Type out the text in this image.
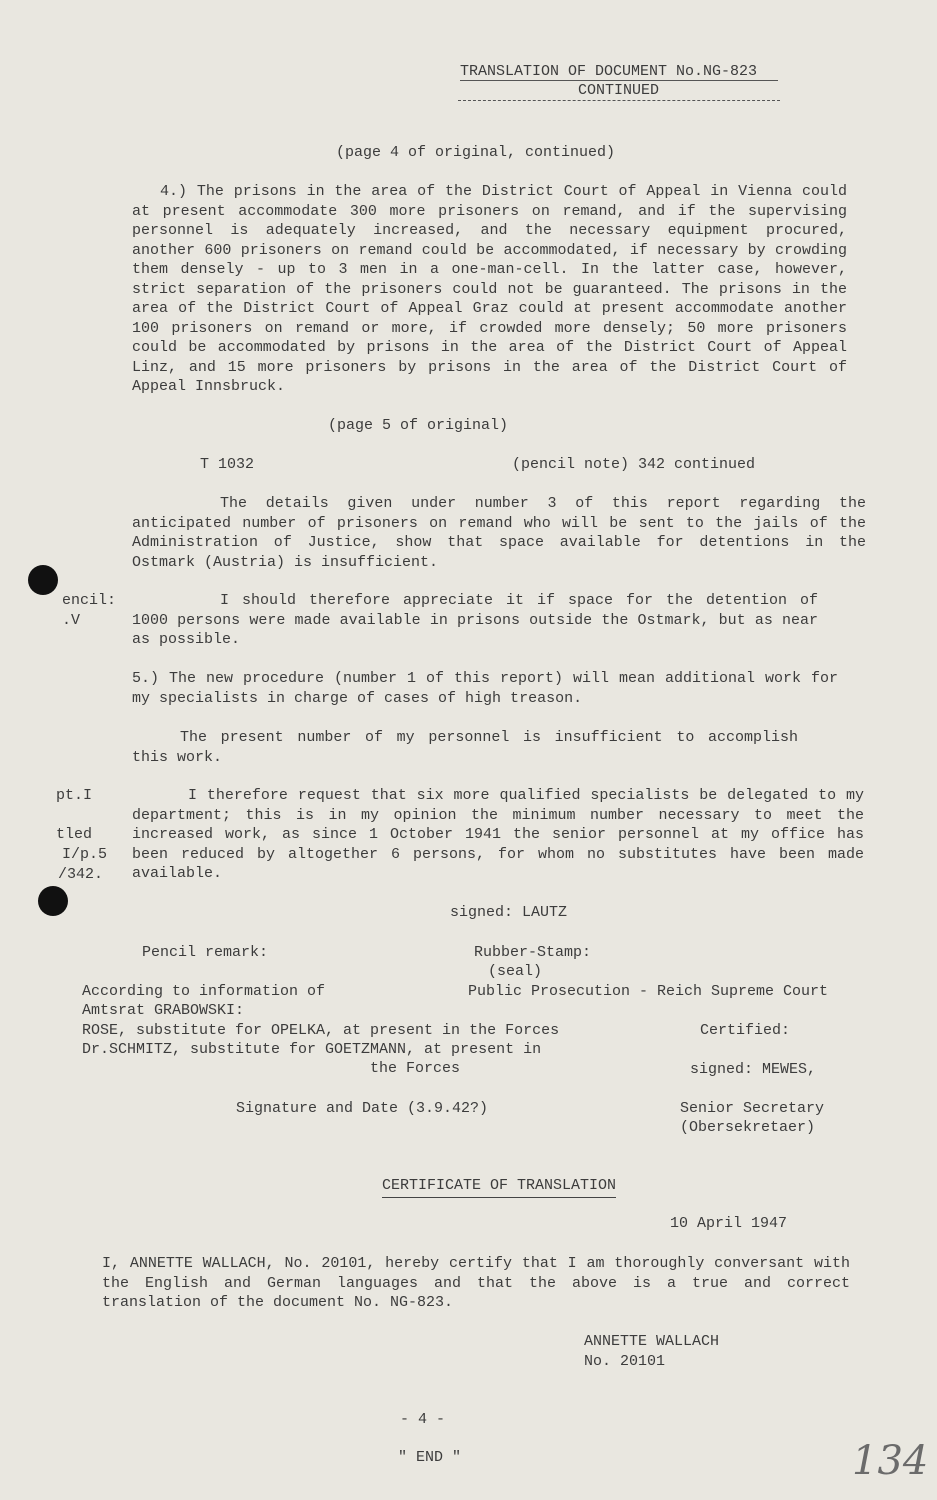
TRANSLATION OF DOCUMENT No.NG-823
CONTINUED
(page 4 of original, continued)

4.) The prisons in the area of the District Court of Appeal in Vienna could at present accommodate 300 more prisoners on remand, and if the supervising personnel is adequately increased, and the necessary equipment procured, another 600 prisoners on remand could be accommodated, if necessary by crowding them densely - up to 3 men in a one-man-cell. In the latter case, however, strict separation of the prisoners could not be guaranteed. The prisons in the area of the District Court of Appeal Graz could at present accommodate another 100 prisoners on remand or more, if crowded more densely; 50 more prisoners could be accommodated by prisons in the area of the District Court of Appeal Linz, and 15 more prisoners by prisons in the area of the District Court of Appeal Innsbruck.

(page 5 of original)
T 1032	(pencil note) 342 continued

The details given under number 3 of this report regarding the anticipated number of prisoners on remand who will be sent to the jails of the Administration of Justice, show that space available for detentions in the Ostmark (Austria) is insufficient.

encil:
.V

I should therefore appreciate it if space for the detention of 1000 persons were made available in prisons outside the Ostmark, but as near as possible.

5.) The new procedure (number 1 of this report) will mean additional work for my specialists in charge of cases of high treason.

The present number of my personnel is insufficient to accomplish this work.

pt.I
tled
I/p.5
/342.

I therefore request that six more qualified specialists be delegated to my department; this is in my opinion the minimum number necessary to meet the increased work, as since 1 October 1941 the senior personnel at my office has been reduced by altogether 6 persons, for whom no substitutes have been made available.

signed: LAUTZ
Pencil remark:	Rubber-Stamp:
(seal)
According to information of	Public Prosecution - Reich Supreme Court
Amtsrat GRABOWSKI:
ROSE, substitute for OPELKA, at present in the Forces	Certified:
Dr.SCHMITZ, substitute for GOETZMANN, at present in
the Forces	signed: MEWES,
Signature and Date (3.9.42?)	Senior Secretary
(Obersekretaer)
CERTIFICATE OF TRANSLATION
10 April 1947

I, ANNETTE WALLACH, No. 20101, hereby certify that I am thoroughly conversant with the English and German languages and that the above is a true and correct translation of the document No. NG-823.

ANNETTE WALLACH
No. 20101
- 4 -
" END "	134
